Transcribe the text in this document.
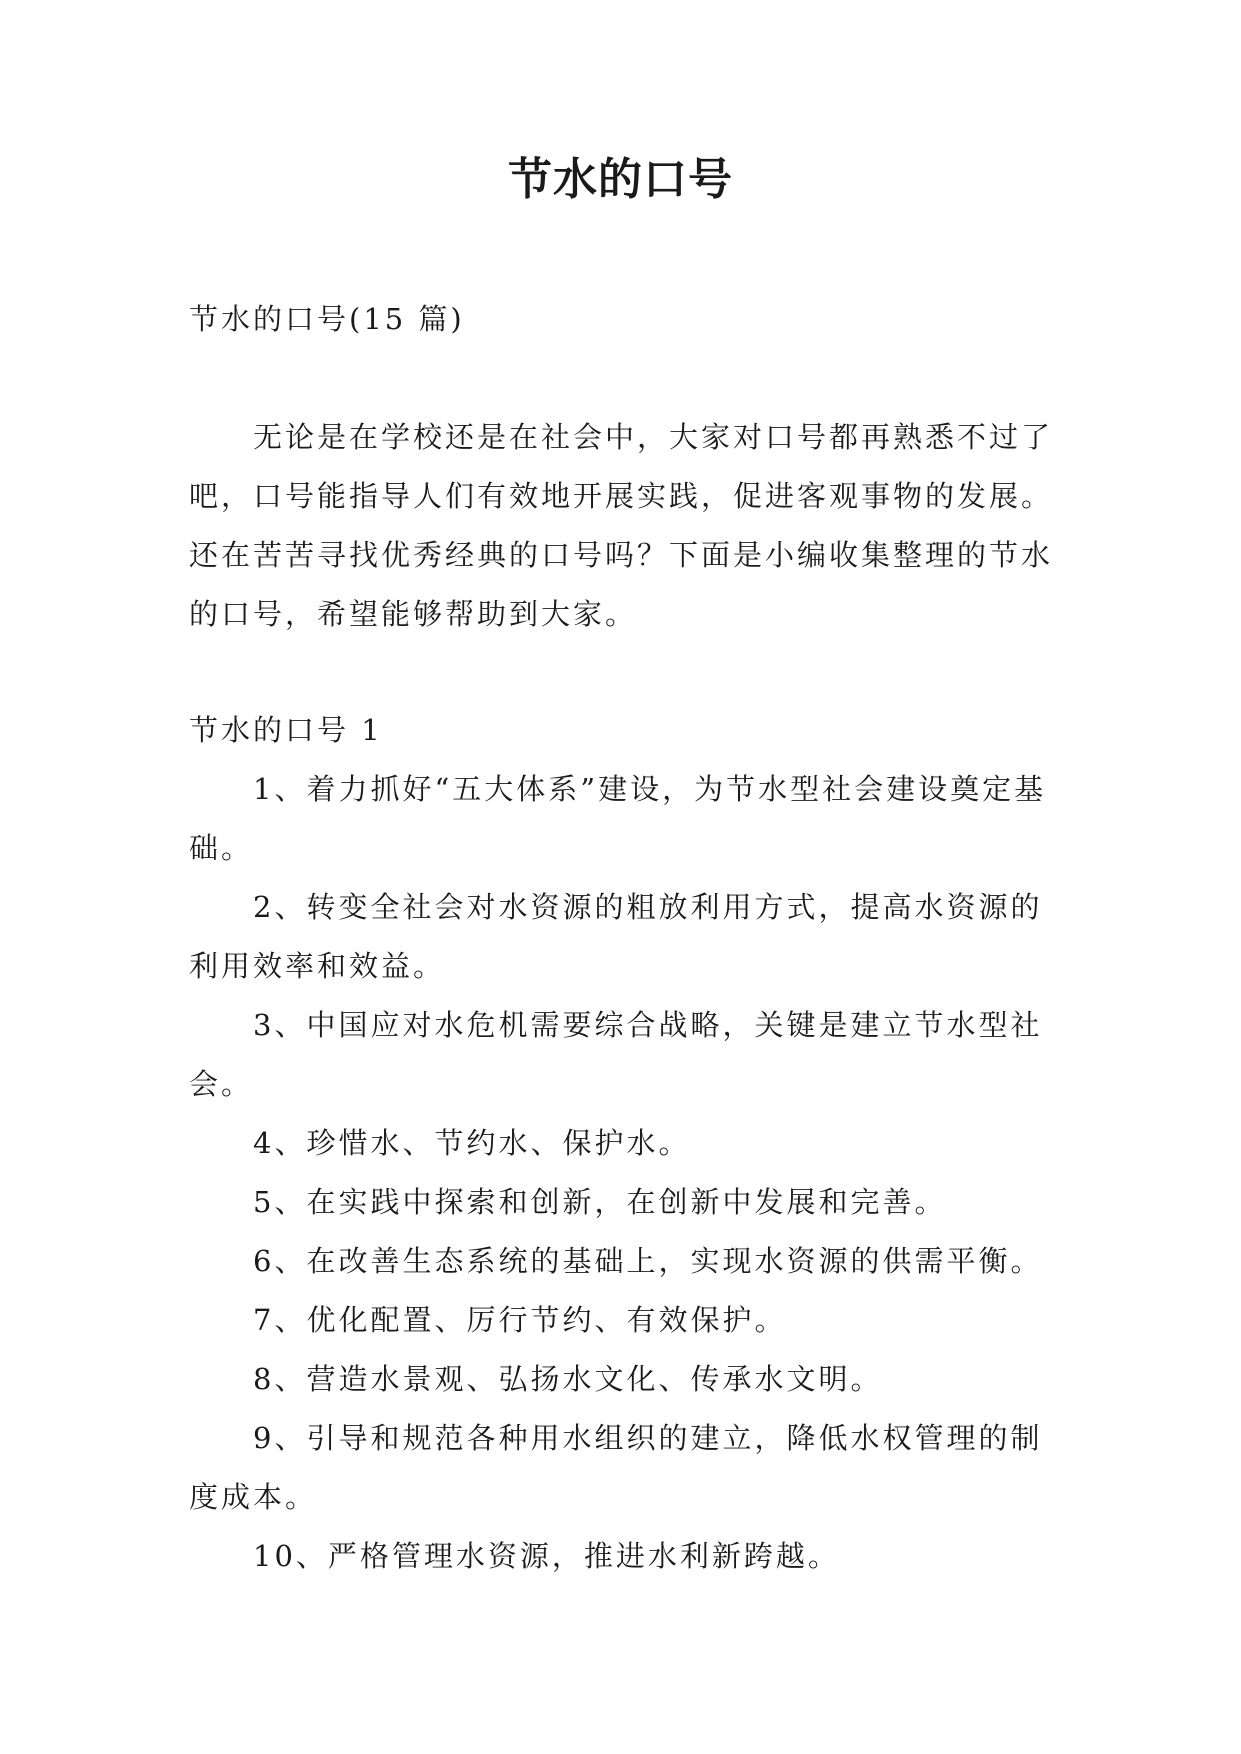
节水的口号

节水的口号(15 篇)

无论是在学校还是在社会中，大家对口号都再熟悉不过了吧，口号能指导人们有效地开展实践，促进客观事物的发展。还在苦苦寻找优秀经典的口号吗？下面是小编收集整理的节水的口号，希望能够帮助到大家。

节水的口号 1

1、着力抓好“五大体系”建设，为节水型社会建设奠定基础。

2、转变全社会对水资源的粗放利用方式，提高水资源的利用效率和效益。

3、中国应对水危机需要综合战略，关键是建立节水型社会。

4、珍惜水、节约水、保护水。

5、在实践中探索和创新，在创新中发展和完善。

6、在改善生态系统的基础上，实现水资源的供需平衡。

7、优化配置、厉行节约、有效保护。

8、营造水景观、弘扬水文化、传承水文明。

9、引导和规范各种用水组织的建立，降低水权管理的制度成本。

10、严格管理水资源，推进水利新跨越。
